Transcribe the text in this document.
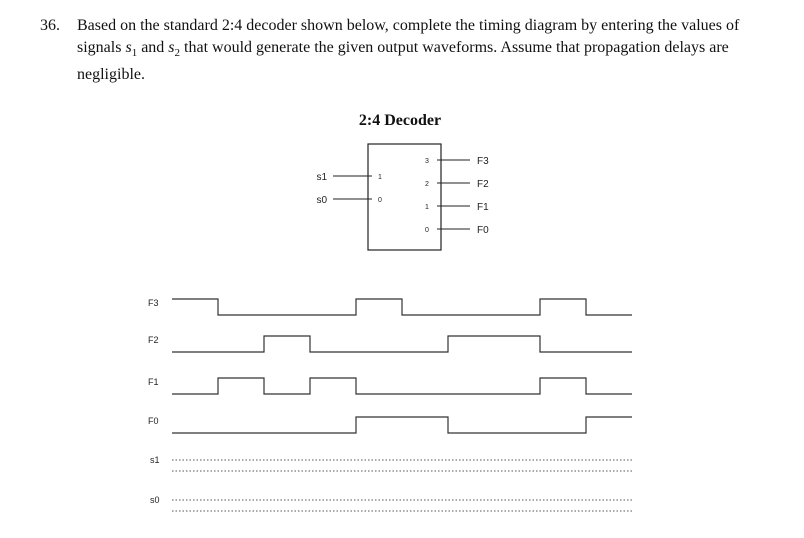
36.	Based on the standard 2:4 decoder shown below, complete the timing diagram by entering the values of signals $s_1$ and $s_2$ that would generate the given output waveforms. Assume that propagation delays are negligible.
2:4 Decoder
s1
s0
1
0
3
2
1
0
F3
F2
F1
F0
F3
F2
F1
F0
s1
s0
